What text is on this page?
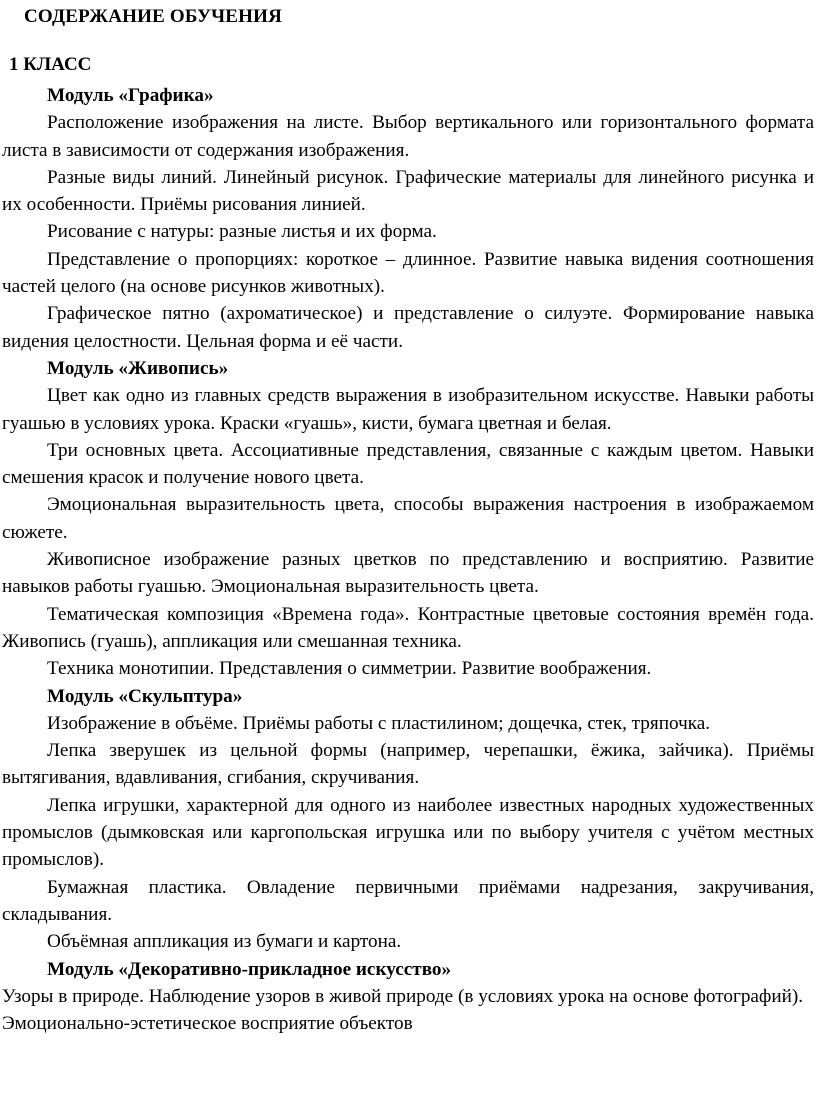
СОДЕРЖАНИЕ ОБУЧЕНИЯ
1 КЛАСС

Модуль «Графика»

Расположение изображения на листе. Выбор вертикального или горизонтального формата листа в зависимости от содержания изображения.

Разные виды линий. Линейный рисунок. Графические материалы для линейного рисунка и их особенности. Приёмы рисования линией.

Рисование с натуры: разные листья и их форма.

Представление о пропорциях: короткое – длинное. Развитие навыка видения соотношения частей целого (на основе рисунков животных).

Графическое пятно (ахроматическое) и представление о силуэте. Формирование навыка видения целостности. Цельная форма и её части.

Модуль «Живопись»

Цвет как одно из главных средств выражения в изобразительном искусстве. Навыки работы гуашью в условиях урока. Краски «гуашь», кисти, бумага цветная и белая.

Три основных цвета. Ассоциативные представления, связанные с каждым цветом. Навыки смешения красок и получение нового цвета.

Эмоциональная выразительность цвета, способы выражения настроения в изображаемом сюжете.

Живописное изображение разных цветков по представлению и восприятию. Развитие навыков работы гуашью. Эмоциональная выразительность цвета.

Тематическая композиция «Времена года». Контрастные цветовые состояния времён года. Живопись (гуашь), аппликация или смешанная техника.

Техника монотипии. Представления о симметрии. Развитие воображения.

Модуль «Скульптура»

Изображение в объёме. Приёмы работы с пластилином; дощечка, стек, тряпочка.

Лепка зверушек из цельной формы (например, черепашки, ёжика, зайчика). Приёмы вытягивания, вдавливания, сгибания, скручивания.

Лепка игрушки, характерной для одного из наиболее известных народных художественных промыслов (дымковская или каргопольская игрушка или по выбору учителя с учётом местных промыслов).

Бумажная пластика. Овладение первичными приёмами надрезания, закручивания, складывания.

Объёмная аппликация из бумаги и картона.

Модуль «Декоративно-прикладное искусство»

Узоры в природе. Наблюдение узоров в живой природе (в условиях урока на основе фотографий). Эмоционально-эстетическое восприятие объектов
